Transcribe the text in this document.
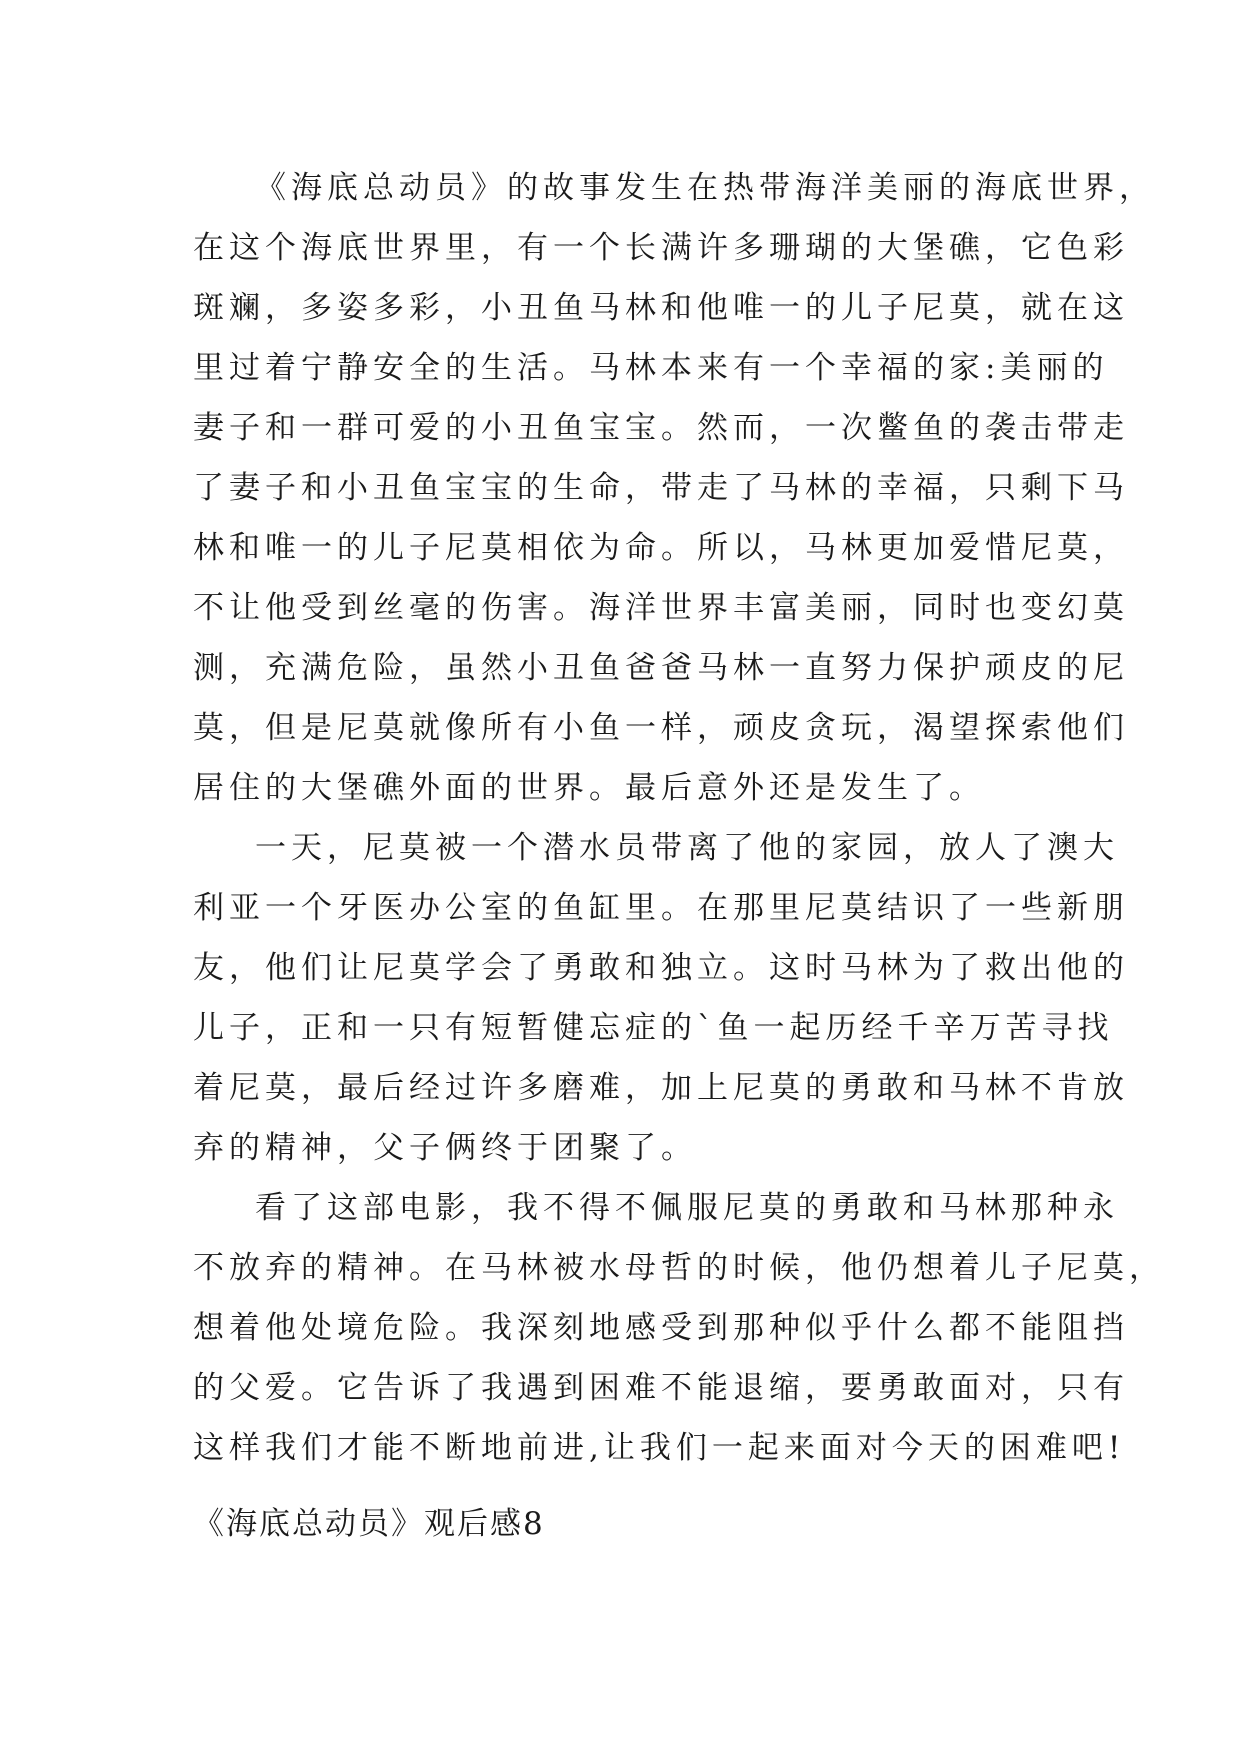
《海底总动员》的故事发生在热带海洋美丽的海底世界，

在这个海底世界里，有一个长满许多珊瑚的大堡礁，它色彩

斑斓，多姿多彩，小丑鱼马林和他唯一的儿子尼莫，就在这

里过着宁静安全的生活。马林本来有一个幸福的家:美丽的

妻子和一群可爱的小丑鱼宝宝。然而，一次鳖鱼的袭击带走

了妻子和小丑鱼宝宝的生命，带走了马林的幸福，只剩下马

林和唯一的儿子尼莫相依为命。所以，马林更加爱惜尼莫，

不让他受到丝毫的伤害。海洋世界丰富美丽，同时也变幻莫

测，充满危险，虽然小丑鱼爸爸马林一直努力保护顽皮的尼

莫，但是尼莫就像所有小鱼一样，顽皮贪玩，渴望探索他们

居住的大堡礁外面的世界。最后意外还是发生了。

一天，尼莫被一个潜水员带离了他的家园，放人了澳大

利亚一个牙医办公室的鱼缸里。在那里尼莫结识了一些新朋

友，他们让尼莫学会了勇敢和独立。这时马林为了救出他的

儿子，正和一只有短暂健忘症的`鱼一起历经千辛万苦寻找

着尼莫，最后经过许多磨难，加上尼莫的勇敢和马林不肯放

弃的精神，父子俩终于团聚了。

看了这部电影，我不得不佩服尼莫的勇敢和马林那种永

不放弃的精神。在马林被水母哲的时候，他仍想着儿子尼莫，

想着他处境危险。我深刻地感受到那种似乎什么都不能阻挡

的父爱。它告诉了我遇到困难不能退缩，要勇敢面对，只有

这样我们才能不断地前进,让我们一起来面对今天的困难吧!

《海底总动员》观后感8
